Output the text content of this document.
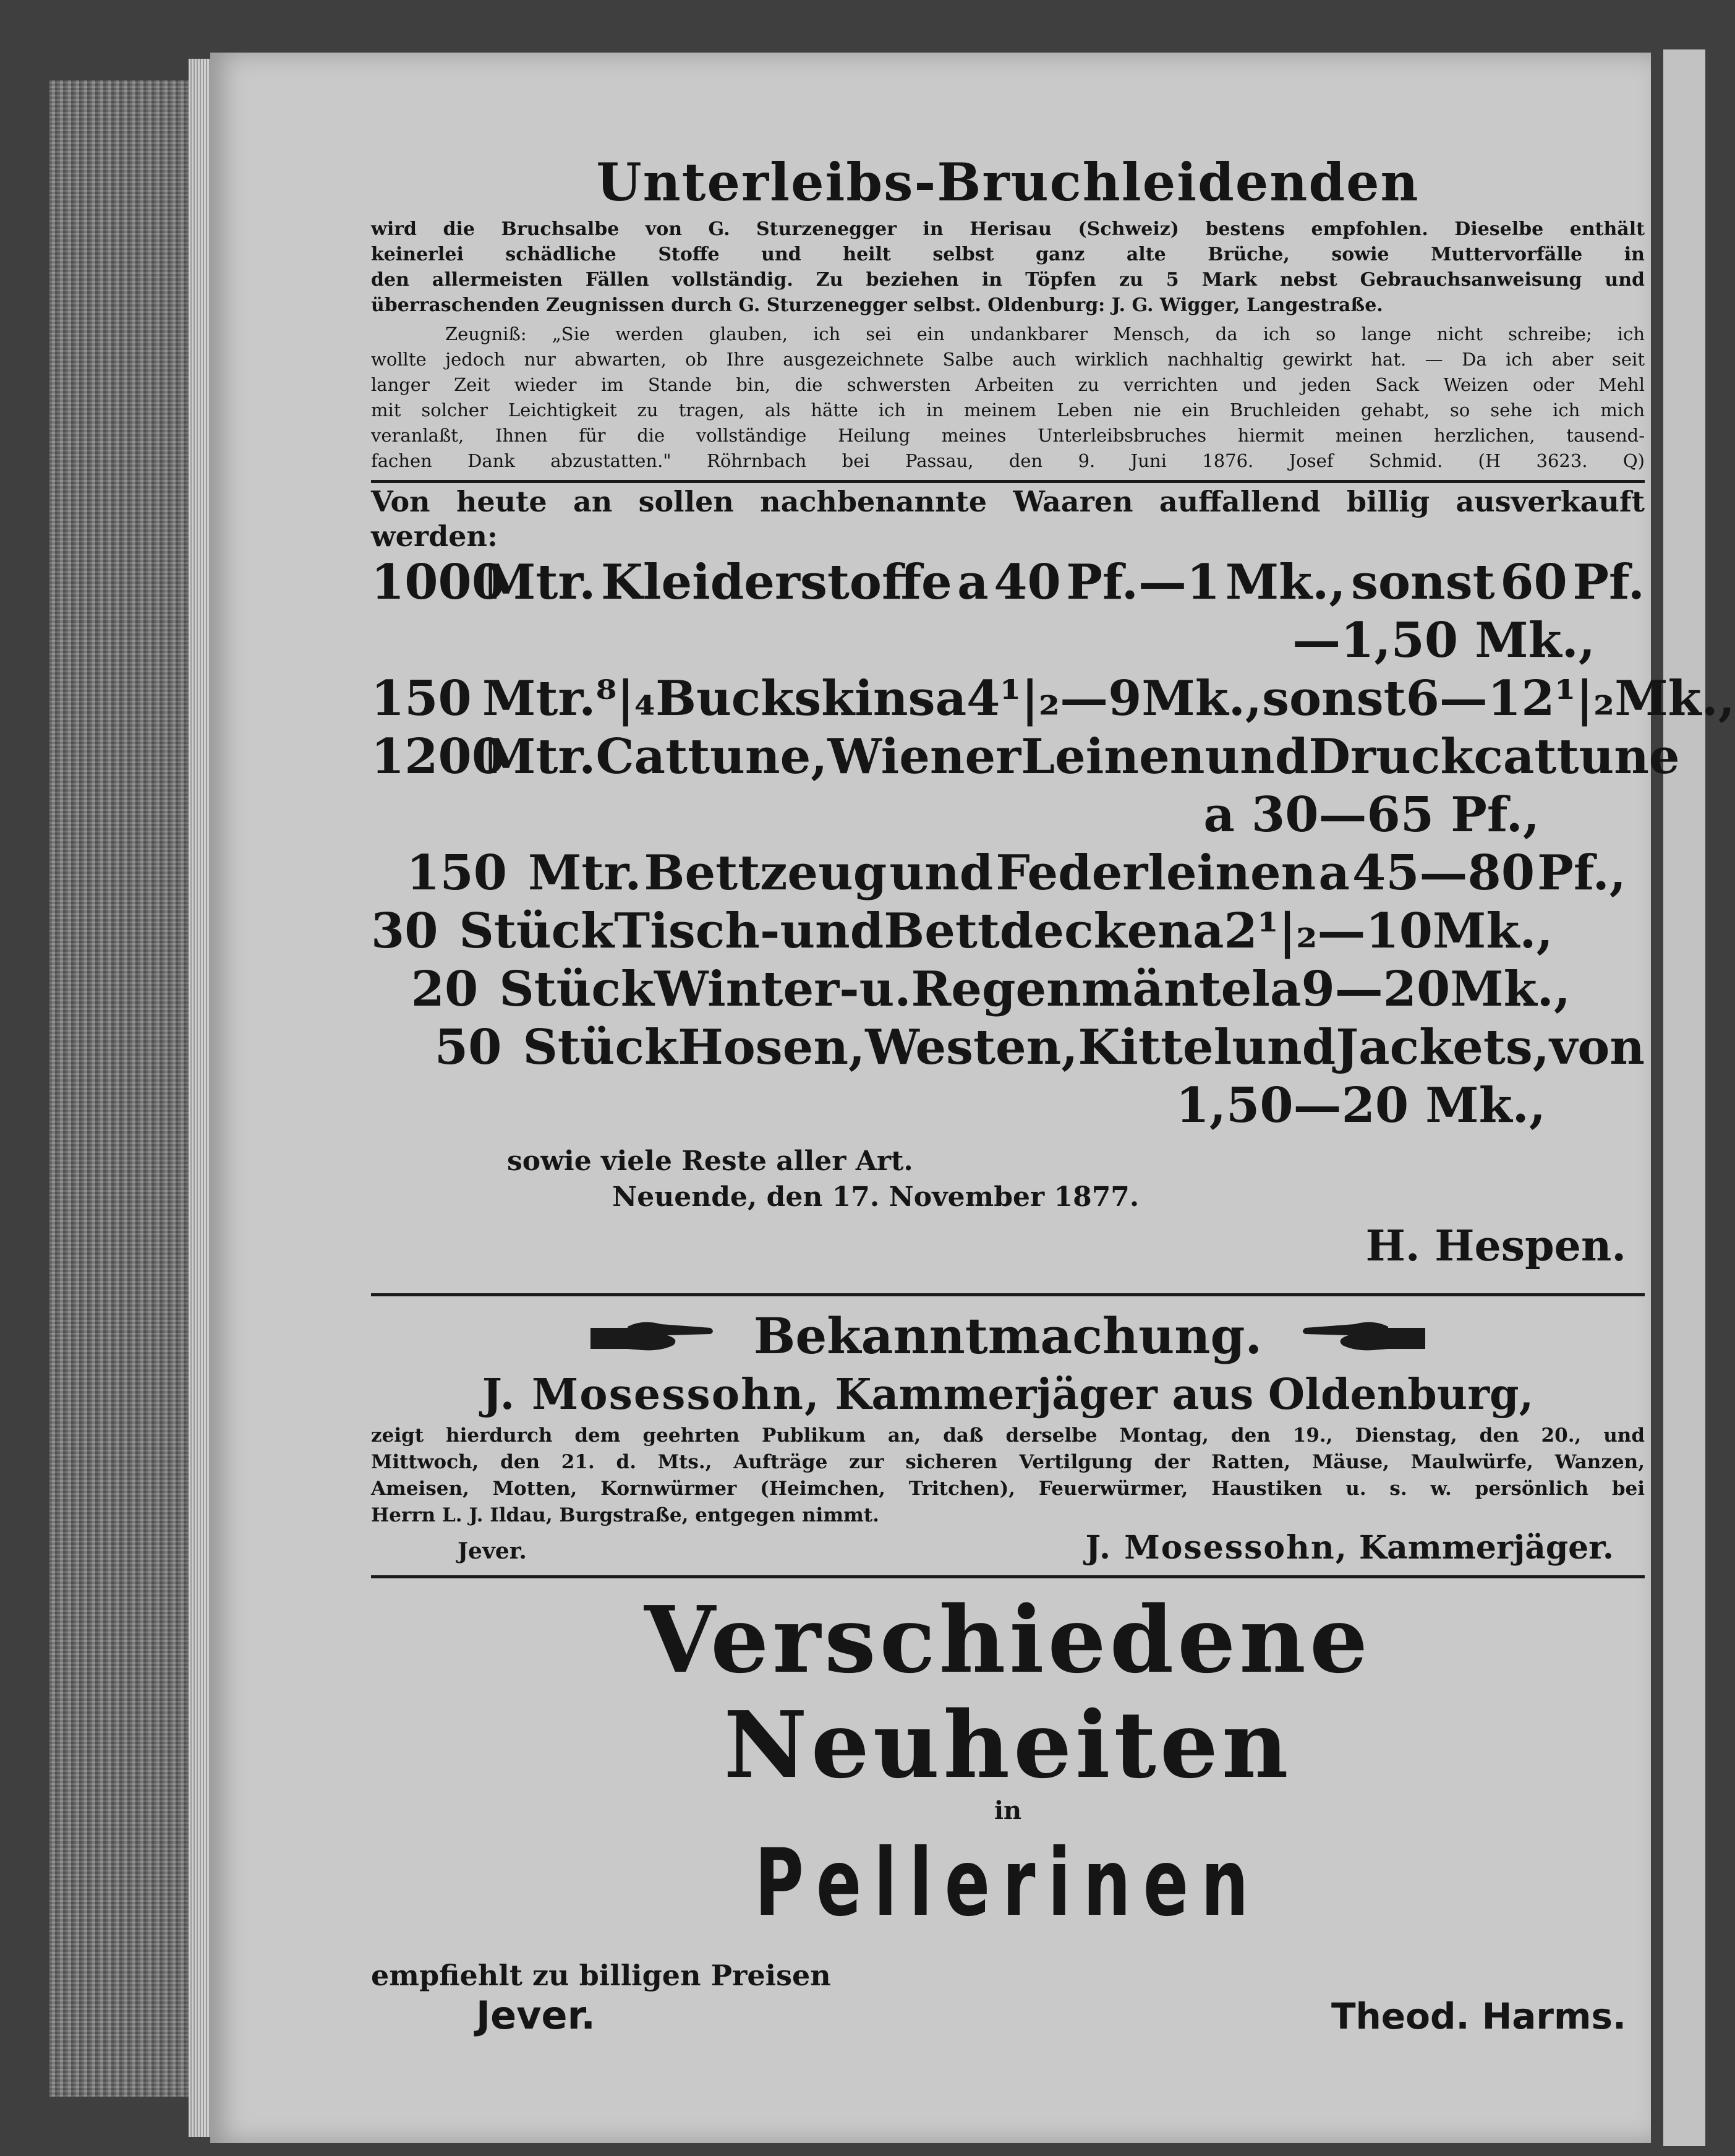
Unterleibs-Bruchleidenden
wird die Bruchsalbe von G. Sturzenegger in Herisau (Schweiz) bestens empfohlen. Dieselbe enthält
keinerlei schädliche Stoffe und heilt selbst ganz alte Brüche, sowie Muttervorfälle in
den allermeisten Fällen vollständig. Zu beziehen in Töpfen zu 5 Mark nebst Gebrauchsanweisung und
überraschenden Zeugnissen durch G. Sturzenegger selbst. Oldenburg: J. G. Wigger, Langestraße.
Zeugniß: „Sie werden glauben, ich sei ein undankbarer Mensch, da ich so lange nicht schreibe; ich
wollte jedoch nur abwarten, ob Ihre ausgezeichnete Salbe auch wirklich nachhaltig gewirkt hat. — Da ich aber seit
langer Zeit wieder im Stande bin, die schwersten Arbeiten zu verrichten und jeden Sack Weizen oder Mehl
mit solcher Leichtigkeit zu tragen, als hätte ich in meinem Leben nie ein Bruchleiden gehabt, so sehe ich mich
veranlaßt, Ihnen für die vollständige Heilung meines Unterleibsbruches hiermit meinen herzlichen, tausend-
fachen Dank abzustatten." Röhrnbach bei Passau, den 9. Juni 1876. Josef Schmid. (H 3623. Q)
Von heute an sollen nachbenannte Waaren auffallend billig ausverkauft
werden:
1000
Mtr. Kleiderstoffe a 40 Pf.—1 Mk., sonst 60 Pf.
—1,50 Mk.,
150 Mtr. ⁸|₄Buckskins a 4¹|₂—9 Mk., sonst 6—12¹|₂ Mk.,
1200
Mtr. Cattune, Wiener Leinen und Druckcattune
a 30—65 Pf.,
150 Mtr. Bettzeug und Federleinen a 45—80 Pf.,
30 Stück Tisch- und Bettdecken a 2¹|₂—10 Mk.,
20 Stück Winter- u. Regenmäntel a 9—20 Mk.,
50 Stück Hosen, Westen, Kittel und Jackets, von
1,50—20 Mk.,
sowie viele Reste aller Art.
Neuende, den 17. November 1877.
H. Hespen.
Bekanntmachung.
J. Mosessohn, Kammerjäger aus Oldenburg,
zeigt hierdurch dem geehrten Publikum an, daß derselbe Montag, den 19., Dienstag, den 20., und
Mittwoch, den 21. d. Mts., Aufträge zur sicheren Vertilgung der Ratten, Mäuse, Maulwürfe, Wanzen,
Ameisen, Motten, Kornwürmer (Heimchen, Tritchen), Feuerwürmer, Haustiken u. s. w. persönlich bei
Herrn L. J. Ildau, Burgstraße, entgegen nimmt.
Jever.	J. Mosessohn, Kammerjäger.
Verschiedene Neuheiten
in
Pellerinen
empfiehlt zu billigen Preisen
Jever.	Theod. Harms.
